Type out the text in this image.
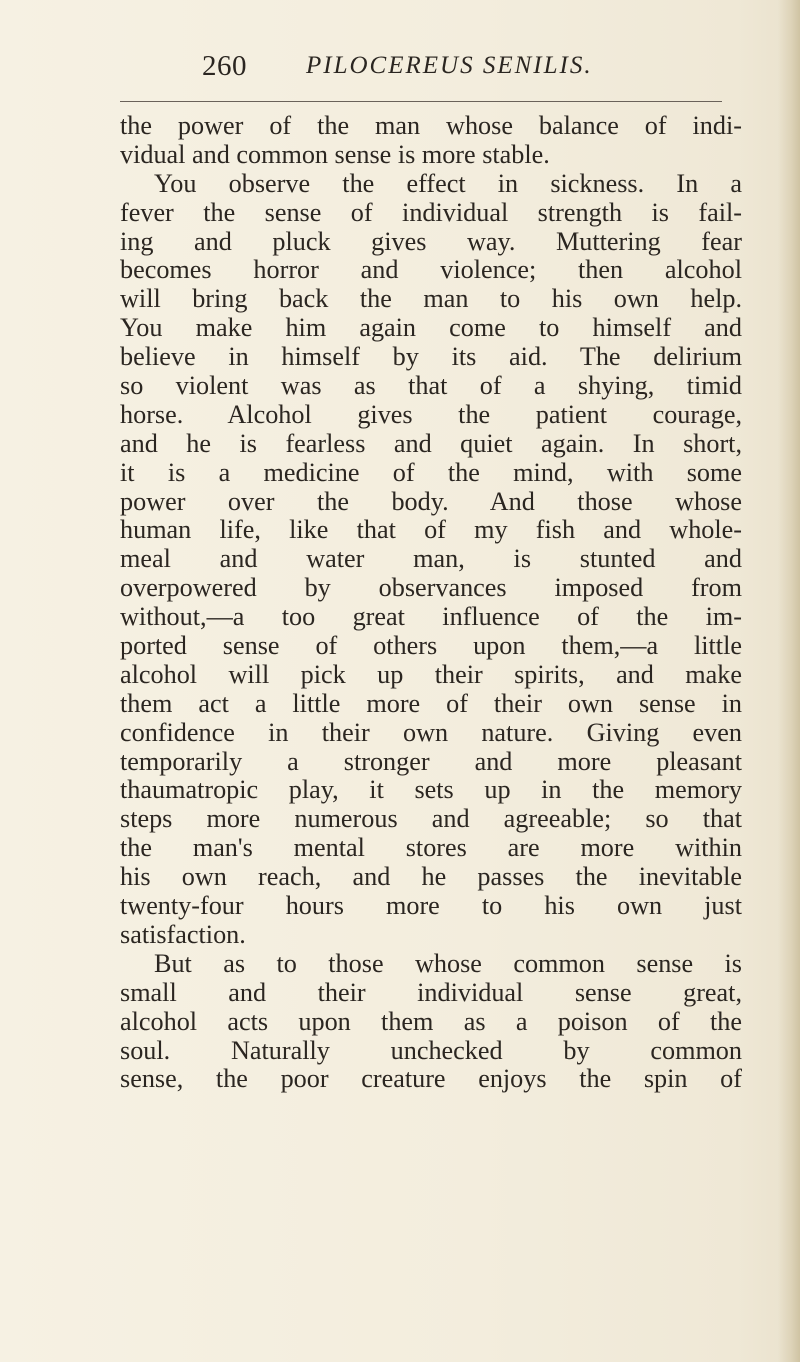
260 PILOCEREUS SENILIS.
the power of the man whose balance of indi-
vidual and common sense is more stable.
You observe the effect in sickness. In a
fever the sense of individual strength is fail-
ing and pluck gives way. Muttering fear
becomes horror and violence; then alcohol
will bring back the man to his own help.
You make him again come to himself and
believe in himself by its aid. The delirium
so violent was as that of a shying, timid
horse. Alcohol gives the patient courage,
and he is fearless and quiet again. In short,
it is a medicine of the mind, with some
power over the body. And those whose
human life, like that of my fish and whole-
meal and water man, is stunted and
overpowered by observances imposed from
without,—a too great influence of the im-
ported sense of others upon them,—a little
alcohol will pick up their spirits, and make
them act a little more of their own sense in
confidence in their own nature. Giving even
temporarily a stronger and more pleasant
thaumatropic play, it sets up in the memory
steps more numerous and agreeable; so that
the man's mental stores are more within
his own reach, and he passes the inevitable
twenty-four hours more to his own just
satisfaction.
But as to those whose common sense is
small and their individual sense great,
alcohol acts upon them as a poison of the
soul. Naturally unchecked by common
sense, the poor creature enjoys the spin of
